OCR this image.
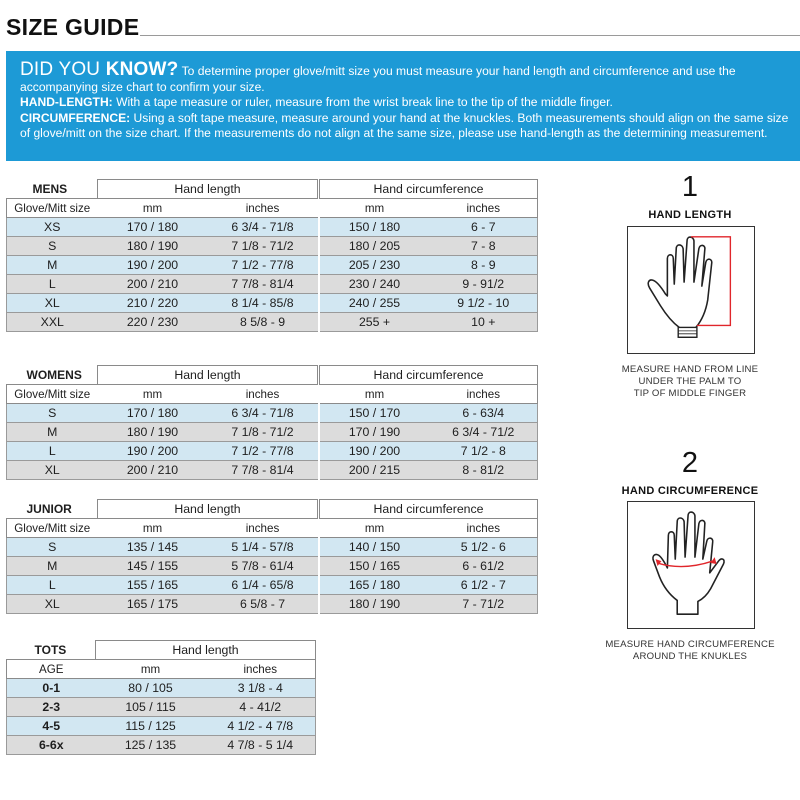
SIZE GUIDE

DID YOU KNOW? To determine proper glove/mitt size you must measure your hand length and circumference and use the accompanying size chart to confirm your size.

HAND-LENGTH: With a tape measure or ruler, measure from the wrist break line to the tip of the middle finger.

CIRCUMFERENCE: Using a soft tape measure, measure around your hand at the knuckles. Both measurements should align on the same size of glove/mitt on the size chart. If the measurements do not align at the same size, please use hand-length as the determining measurement.

MENS	Hand length			Hand circumference	
Glove/Mitt size	mm	inches		mm	inches
XS	170 / 180	6 3/4 - 71/8		150 / 180	6 - 7
S	180 / 190	7 1/8 - 71/2		180 / 205	7 - 8
M	190 / 200	7 1/2 - 77/8		205 / 230	8 - 9
L	200 / 210	7 7/8 - 81/4		230 / 240	9 - 91/2
XL	210 / 220	8 1/4 - 85/8		240 / 255	9 1/2 - 10
XXL	220 / 230	8 5/8 - 9		255 +	10 +
WOMENS	Hand length			Hand circumference	
Glove/Mitt size	mm	inches		mm	inches
S	170 / 180	6 3/4 - 71/8		150 / 170	6 - 63/4
M	180 / 190	7 1/8 - 71/2		170 / 190	6 3/4 - 71/2
L	190 / 200	7 1/2 - 77/8		190 / 200	7 1/2 - 8
XL	200 / 210	7 7/8 - 81/4		200 / 215	8 - 81/2
JUNIOR	Hand length			Hand circumference	
Glove/Mitt size	mm	inches		mm	inches
S	135 / 145	5 1/4 - 57/8		140 / 150	5 1/2 - 6
M	145 / 155	5 7/8 - 61/4		150 / 165	6 - 61/2
L	155 / 165	6 1/4 - 65/8		165 / 180	6 1/2 - 7
XL	165 / 175	6 5/8 - 7		180 / 190	7 - 71/2
TOTS	Hand length	
AGE	mm	inches
0-1	80 / 105	3 1/8 - 4
2-3	105 / 115	4 - 41/2
4-5	115 / 125	4 1/2 - 4 7/8
6-6x	125 / 135	4 7/8 - 5 1/4
1
HAND LENGTH
MEASURE HAND FROM LINE
UNDER THE PALM TO
TIP OF MIDDLE FINGER
2
HAND CIRCUMFERENCE
MEASURE HAND CIRCUMFERENCE
AROUND THE KNUKLES
